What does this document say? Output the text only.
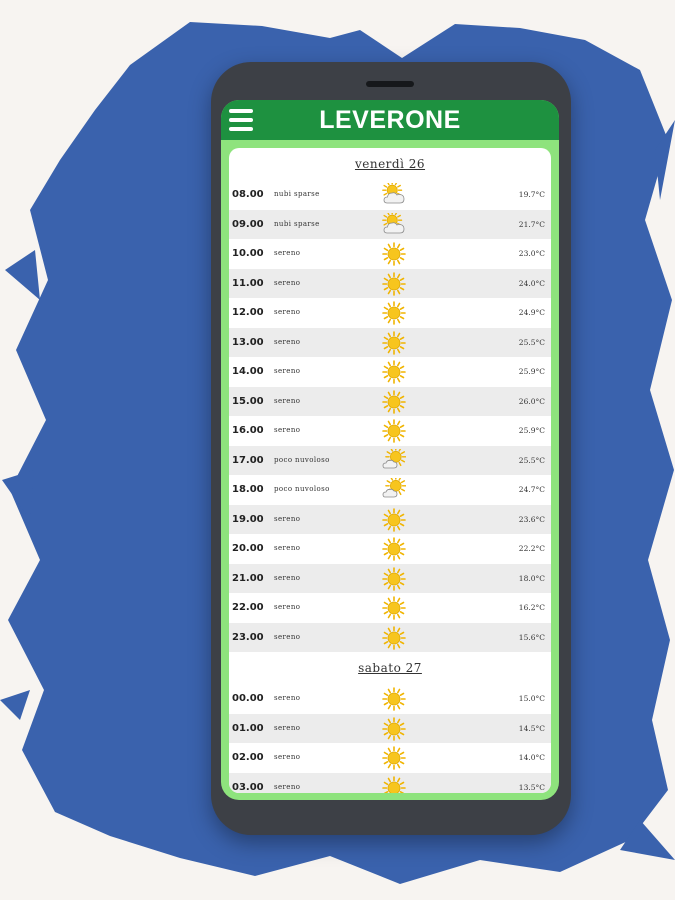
LEVERONE
venerdì 26
08.00 nubi sparse	19.7°C
09.00 nubi sparse	21.7°C
10.00 sereno	23.0°C
11.00 sereno	24.0°C
12.00 sereno	24.9°C
13.00 sereno	25.5°C
14.00 sereno	25.9°C
15.00 sereno	26.0°C
16.00 sereno	25.9°C
17.00 poco nuvoloso	25.5°C
18.00 poco nuvoloso	24.7°C
19.00 sereno	23.6°C
20.00 sereno	22.2°C
21.00 sereno	18.0°C
22.00 sereno	16.2°C
23.00 sereno	15.6°C
sabato 27
00.00 sereno	15.0°C
01.00 sereno	14.5°C
02.00 sereno	14.0°C
03.00 sereno	13.5°C
